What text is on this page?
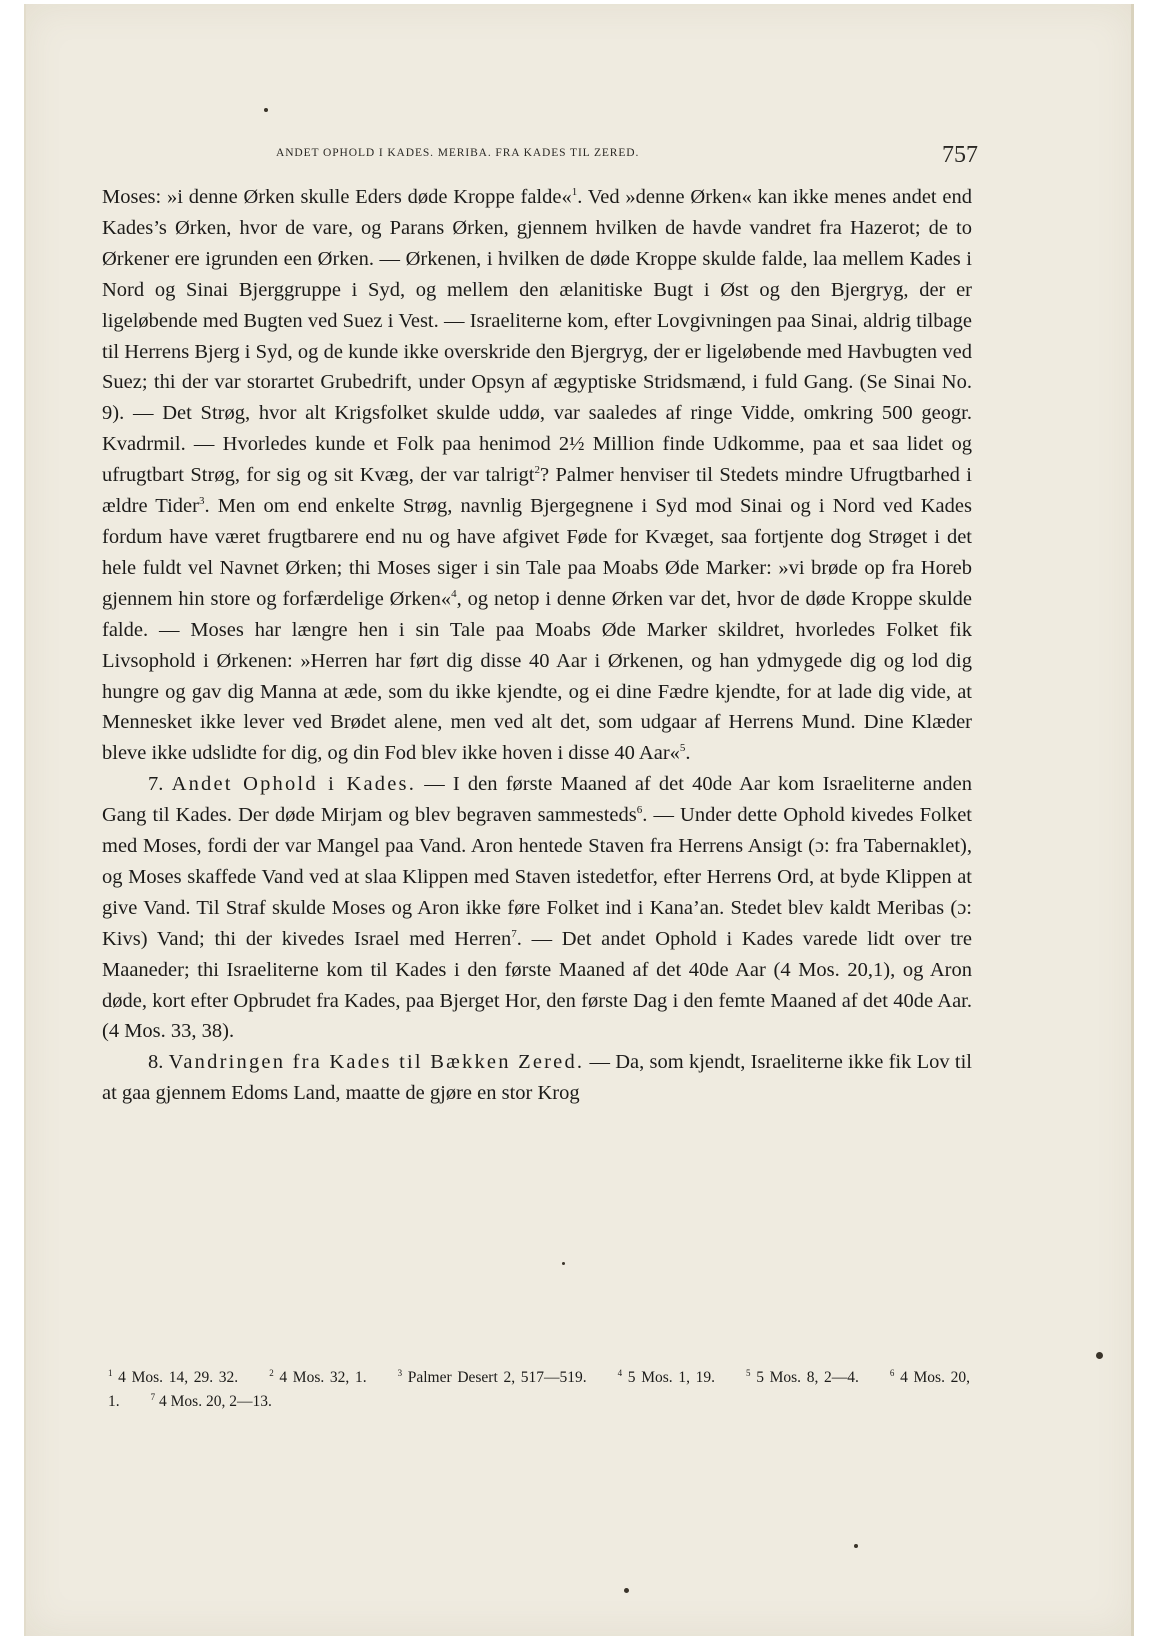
ANDET OPHOLD I KADES. MERIBA. FRA KADES TIL ZERED.	757

Moses: »i denne Ørken skulle Eders døde Kroppe falde«$^1$. Ved »denne Ørken« kan ikke menes andet end Kades’s Ørken, hvor de vare, og Parans Ørken, gjennem hvilken de havde vandret fra Hazerot; de to Ørkener ere igrunden een Ørken. — Ørkenen, i hvilken de døde Kroppe skulde falde, laa mellem Kades i Nord og Sinai Bjerggruppe i Syd, og mellem den ælanitiske Bugt i Øst og den Bjergryg, der er ligeløbende med Bugten ved Suez i Vest. — Israeliterne kom, efter Lovgivningen paa Sinai, aldrig tilbage til Herrens Bjerg i Syd, og de kunde ikke overskride den Bjergryg, der er ligeløbende med Havbugten ved Suez; thi der var storartet Grubedrift, under Opsyn af ægyptiske Stridsmænd, i fuld Gang. (Se Sinai No. 9). — Det Strøg, hvor alt Krigsfolket skulde uddø, var saaledes af ringe Vidde, omkring 500 geogr. Kvadrmil. — Hvorledes kunde et Folk paa henimod 2½ Million finde Udkomme, paa et saa lidet og ufrugtbart Strøg, for sig og sit Kvæg, der var talrigt$^2$? Palmer henviser til Stedets mindre Ufrugtbarhed i ældre Tider$^3$. Men om end enkelte Strøg, navnlig Bjergegnene i Syd mod Sinai og i Nord ved Kades fordum have været frugtbarere end nu og have afgivet Føde for Kvæget, saa fortjente dog Strøget i det hele fuldt vel Navnet Ørken; thi Moses siger i sin Tale paa Moabs Øde Marker: »vi brøde op fra Horeb gjennem hin store og forfærdelige Ørken«$^4$, og netop i denne Ørken var det, hvor de døde Kroppe skulde falde. — Moses har længre hen i sin Tale paa Moabs Øde Marker skildret, hvorledes Folket fik Livsophold i Ørkenen: »Herren har ført dig disse 40 Aar i Ørkenen, og han ydmygede dig og lod dig hungre og gav dig Manna at æde, som du ikke kjendte, og ei dine Fædre kjendte, for at lade dig vide, at Mennesket ikke lever ved Brødet alene, men ved alt det, som udgaar af Herrens Mund. Dine Klæder bleve ikke udslidte for dig, og din Fod blev ikke hoven i disse 40 Aar«$^5$.

7. Andet Ophold i Kades. — I den første Maaned af det 40de Aar kom Israeliterne anden Gang til Kades. Der døde Mirjam og blev begraven sammesteds$^6$. — Under dette Ophold kivedes Folket med Moses, fordi der var Mangel paa Vand. Aron hentede Staven fra Herrens Ansigt (ɔ: fra Tabernaklet), og Moses skaffede Vand ved at slaa Klippen med Staven istedetfor, efter Herrens Ord, at byde Klippen at give Vand. Til Straf skulde Moses og Aron ikke føre Folket ind i Kana’an. Stedet blev kaldt Meribas (ɔ: Kivs) Vand; thi der kivedes Israel med Herren$^7$. — Det andet Ophold i Kades varede lidt over tre Maaneder; thi Israeliterne kom til Kades i den første Maaned af det 40de Aar (4 Mos. 20,1), og Aron døde, kort efter Opbrudet fra Kades, paa Bjerget Hor, den første Dag i den femte Maaned af det 40de Aar. (4 Mos. 33, 38).

8. Vandringen fra Kades til Bækken Zered. — Da, som kjendt, Israeliterne ikke fik Lov til at gaa gjennem Edoms Land, maatte de gjøre en stor Krog

$^1$ 4 Mos. 14, 29. 32.  	$^2$ 4 Mos. 32, 1.  	$^3$ Palmer Desert 2, 517—519.  	$^4$ 5 Mos. 1, 19.  	$^5$ 5 Mos. 8, 2—4.  	$^6$ 4 Mos. 20, 1.  	$^7$ 4 Mos. 20, 2—13.
